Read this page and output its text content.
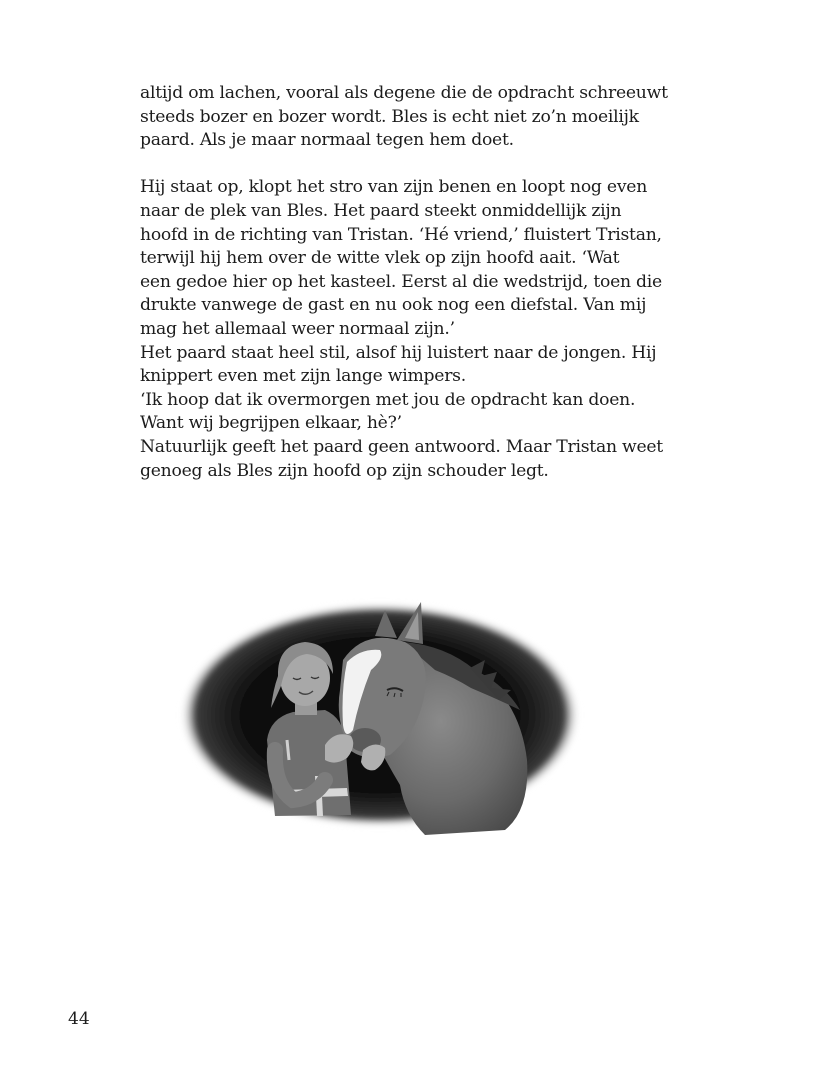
altijd om lachen, vooral als degene die de opdracht schreeuwt
steeds bozer en bozer wordt. Bles is echt niet zo’n moeilijk
paard. Als je maar normaal tegen hem doet.
Hij staat op, klopt het stro van zijn benen en loopt nog even
naar de plek van Bles. Het paard steekt onmiddellijk zijn
hoofd in de richting van Tristan. ‘Hé vriend,’ fluistert Tristan,
terwijl hij hem over de witte vlek op zijn hoofd aait. ‘Wat
een gedoe hier op het kasteel. Eerst al die wedstrijd, toen die
drukte vanwege de gast en nu ook nog een diefstal. Van mij
mag het allemaal weer normaal zijn.’
Het paard staat heel stil, alsof hij luistert naar de jongen. Hij
knippert even met zijn lange wimpers.
‘Ik hoop dat ik overmorgen met jou de opdracht kan doen.
Want wij begrijpen elkaar, hè?’
Natuurlijk geeft het paard geen antwoord. Maar Tristan weet
genoeg als Bles zijn hoofd op zijn schouder legt.
44
